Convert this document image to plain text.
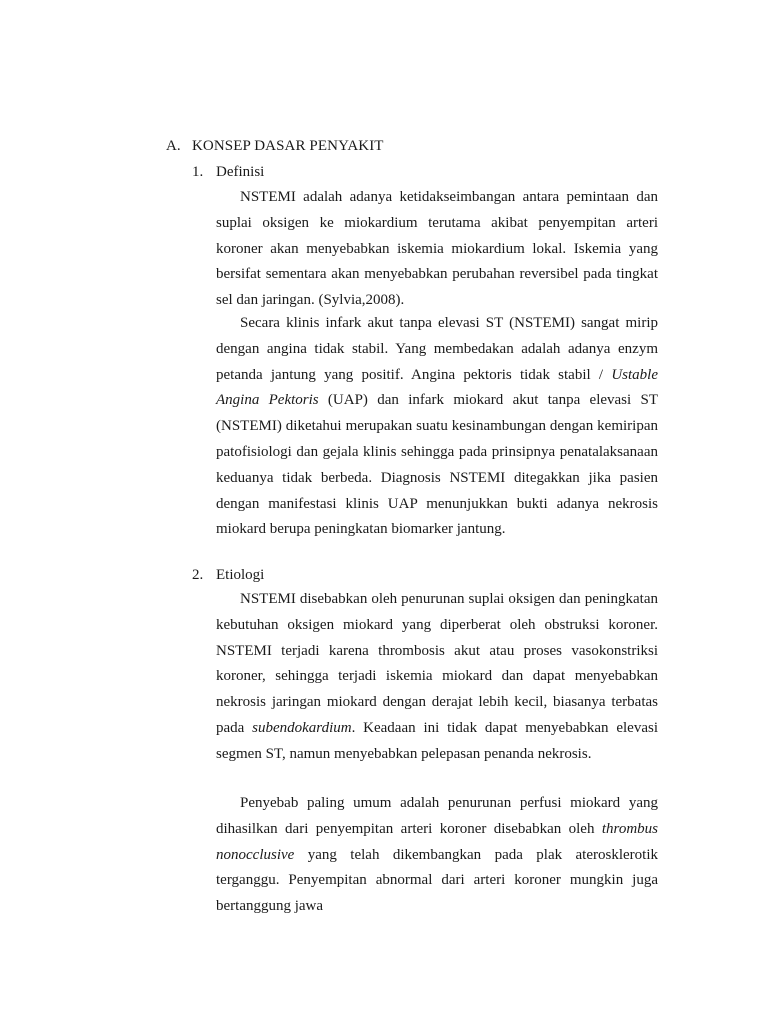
A. KONSEP DASAR PENYAKIT
1. Definisi

NSTEMI adalah adanya ketidakseimbangan antara pemintaan dan suplai oksigen ke miokardium terutama akibat penyempitan arteri koroner akan menyebabkan iskemia miokardium lokal. Iskemia yang bersifat sementara akan menyebabkan perubahan reversibel pada tingkat sel dan jaringan. (Sylvia,2008).

Secara klinis infark akut tanpa elevasi ST (NSTEMI) sangat mirip dengan angina tidak stabil. Yang membedakan adalah adanya enzym petanda jantung yang positif. Angina pektoris tidak stabil / Ustable Angina Pektoris (UAP) dan infark miokard akut tanpa elevasi ST (NSTEMI) diketahui merupakan suatu kesinambungan dengan kemiripan patofisiologi dan gejala klinis sehingga pada prinsipnya penatalaksanaan keduanya tidak berbeda. Diagnosis NSTEMI ditegakkan jika pasien dengan manifestasi klinis UAP menunjukkan bukti adanya nekrosis miokard berupa peningkatan biomarker jantung.

2. Etiologi

NSTEMI disebabkan oleh penurunan suplai oksigen dan peningkatan kebutuhan oksigen miokard yang diperberat oleh obstruksi koroner. NSTEMI terjadi karena thrombosis akut atau proses vasokonstriksi koroner, sehingga terjadi iskemia miokard dan dapat menyebabkan nekrosis jaringan miokard dengan derajat lebih kecil, biasanya terbatas pada subendokardium. Keadaan ini tidak dapat menyebabkan elevasi segmen ST, namun menyebabkan pelepasan penanda nekrosis.

Penyebab paling umum adalah penurunan perfusi miokard yang dihasilkan dari penyempitan arteri koroner disebabkan oleh thrombus nonocclusive yang telah dikembangkan pada plak aterosklerotik terganggu. Penyempitan abnormal dari arteri koroner mungkin juga bertanggung jawa
